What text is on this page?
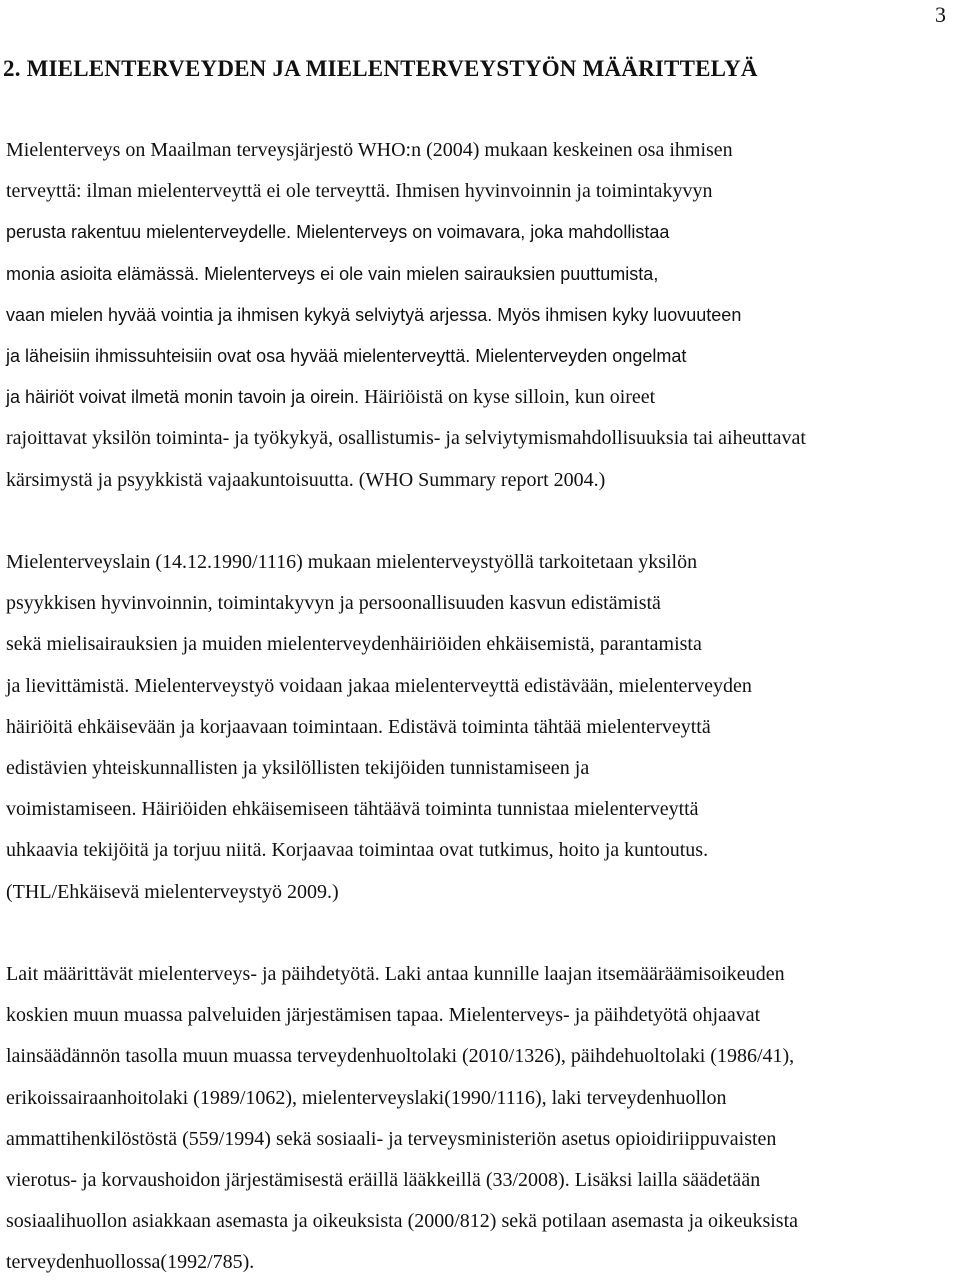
3
2. MIELENTERVEYDEN JA MIELENTERVEYSTYÖN MÄÄRITTELYÄ
Mielenterveys on Maailman terveysjärjestö WHO:n (2004) mukaan keskeinen osa ihmisen
terveyttä: ilman mielenterveyttä ei ole terveyttä. Ihmisen hyvinvoinnin ja toimintakyvyn
perusta rakentuu mielenterveydelle. Mielenterveys on voimavara, joka mahdollistaa
monia asioita elämässä. Mielenterveys ei ole vain mielen sairauksien puuttumista,
vaan mielen hyvää vointia ja ihmisen kykyä selviytyä arjessa. Myös ihmisen kyky luovuuteen
ja läheisiin ihmissuhteisiin ovat osa hyvää mielenterveyttä. Mielenterveyden ongelmat
ja häiriöt voivat ilmetä monin tavoin ja oirein. Häiriöistä on kyse silloin, kun oireet
rajoittavat yksilön toiminta- ja työkykyä, osallistumis- ja selviytymismahdollisuuksia tai aiheuttavat
kärsimystä ja psyykkistä vajaakuntoisuutta. (WHO Summary report 2004.)
Mielenterveyslain (14.12.1990/1116) mukaan mielenterveystyöllä tarkoitetaan yksilön
psyykkisen hyvinvoinnin, toimintakyvyn ja persoonallisuuden kasvun edistämistä
sekä mielisairauksien ja muiden mielenterveydenhäiriöiden ehkäisemistä, parantamista
ja lievittämistä. Mielenterveystyö voidaan jakaa mielenterveyttä edistävään, mielenterveyden
häiriöitä ehkäisevään ja korjaavaan toimintaan. Edistävä toiminta tähtää mielenterveyttä
edistävien yhteiskunnallisten ja yksilöllisten tekijöiden tunnistamiseen ja
voimistamiseen. Häiriöiden ehkäisemiseen tähtäävä toiminta tunnistaa mielenterveyttä
uhkaavia tekijöitä ja torjuu niitä. Korjaavaa toimintaa ovat tutkimus, hoito ja kuntoutus.
(THL/Ehkäisevä mielenterveystyö 2009.)
Lait määrittävät mielenterveys- ja päihdetyötä. Laki antaa kunnille laajan itsemääräämisoikeuden
koskien muun muassa palveluiden järjestämisen tapaa. Mielenterveys- ja päihdetyötä ohjaavat
lainsäädännön tasolla muun muassa terveydenhuoltolaki (2010/1326), päihdehuoltolaki (1986/41),
erikoissairaanhoitolaki (1989/1062), mielenterveyslaki(1990/1116), laki terveydenhuollon
ammattihenkilöstöstä (559/1994) sekä sosiaali- ja terveysministeriön asetus opioidiriippuvaisten
vierotus- ja korvaushoidon järjestämisestä eräillä lääkkeillä (33/2008). Lisäksi lailla säädetään
sosiaalihuollon asiakkaan asemasta ja oikeuksista (2000/812) sekä potilaan asemasta ja oikeuksista
terveydenhuollossa(1992/785).
